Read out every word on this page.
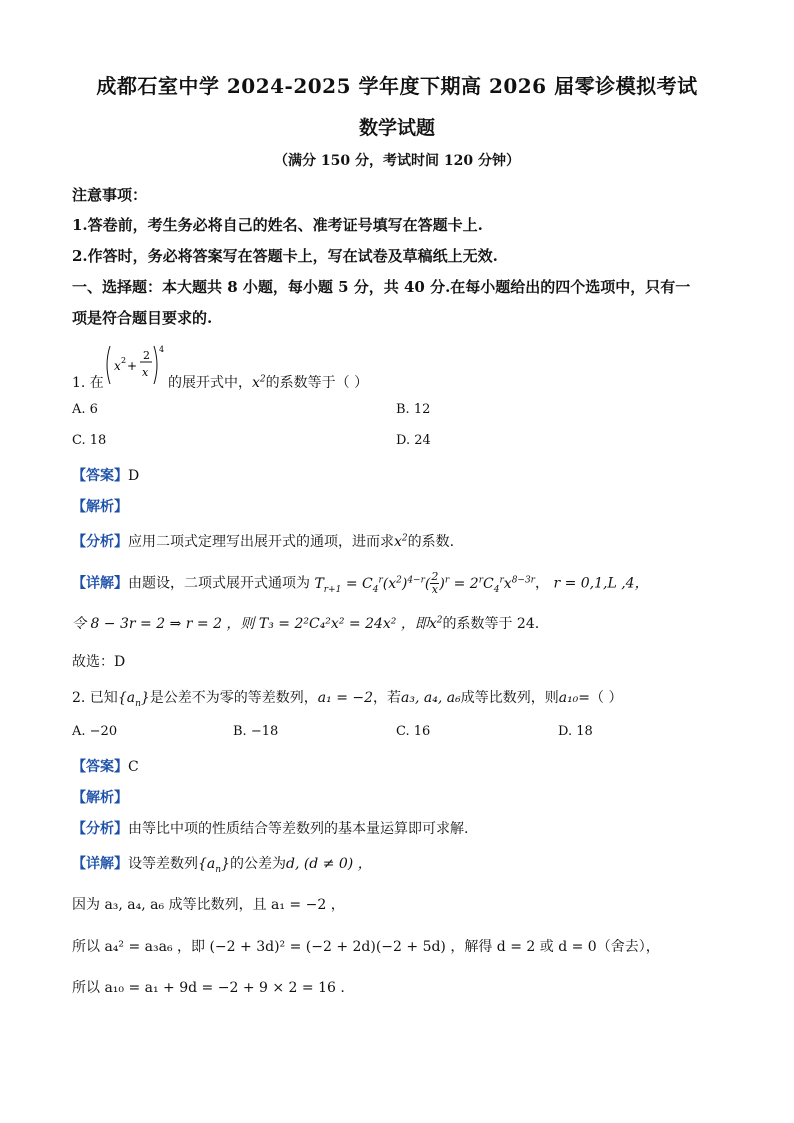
成都石室中学 2024-2025 学年度下期高 2026 届零诊模拟考试
数学试题
（满分 150 分，考试时间 120 分钟）
注意事项：
1.答卷前，考生务必将自己的姓名、准考证号填写在答题卡上.
2.作答时，务必将答案写在答题卡上，写在试卷及草稿纸上无效.
一、选择题：本大题共 8 小题，每小题 5 分，共 40 分.在每小题给出的四个选项中，只有一
项是符合题目要求的.
1. 在
x 2 +
2
x
4
的展开式中，$x^2$的系数等于（ ）
A. 6	B. 12
C. 18	D. 24
【答案】D
【解析】
【分析】应用二项式定理写出展开式的通项，进而求$x^2$的系数.
【详解】由题设，二项式展开式通项为 $T_{r+1} = C_4^r(x^2)^{4-r}( \frac{2}{x} )^r = 2^rC_4^rx^{8-3r}$， r = 0,1,L ,4，
令 8 − 3r = 2 ⇒ r = 2 ，则 T₃ = 2²C₄²x² = 24x² ，即$x^2$的系数等于 24.
故选：D
2. 已知$\{a_n\}$是公差不为零的等差数列，a₁ = −2，若a₃, a₄, a₆成等比数列，则a₁₀=（ ）
A. −20	B. −18	C. 16	D. 18
【答案】C
【解析】
【分析】由等比中项的性质结合等差数列的基本量运算即可求解.
【详解】设等差数列$\{a_n\}$的公差为d, (d ≠ 0) ，
因为 a₃, a₄, a₆ 成等比数列，且 a₁ = −2 ，
所以 a₄² = a₃a₆ ，即 (−2 + 3d)² = (−2 + 2d)(−2 + 5d) ，解得 d = 2 或 d = 0（舍去），
所以 a₁₀ = a₁ + 9d = −2 + 9 × 2 = 16 .
